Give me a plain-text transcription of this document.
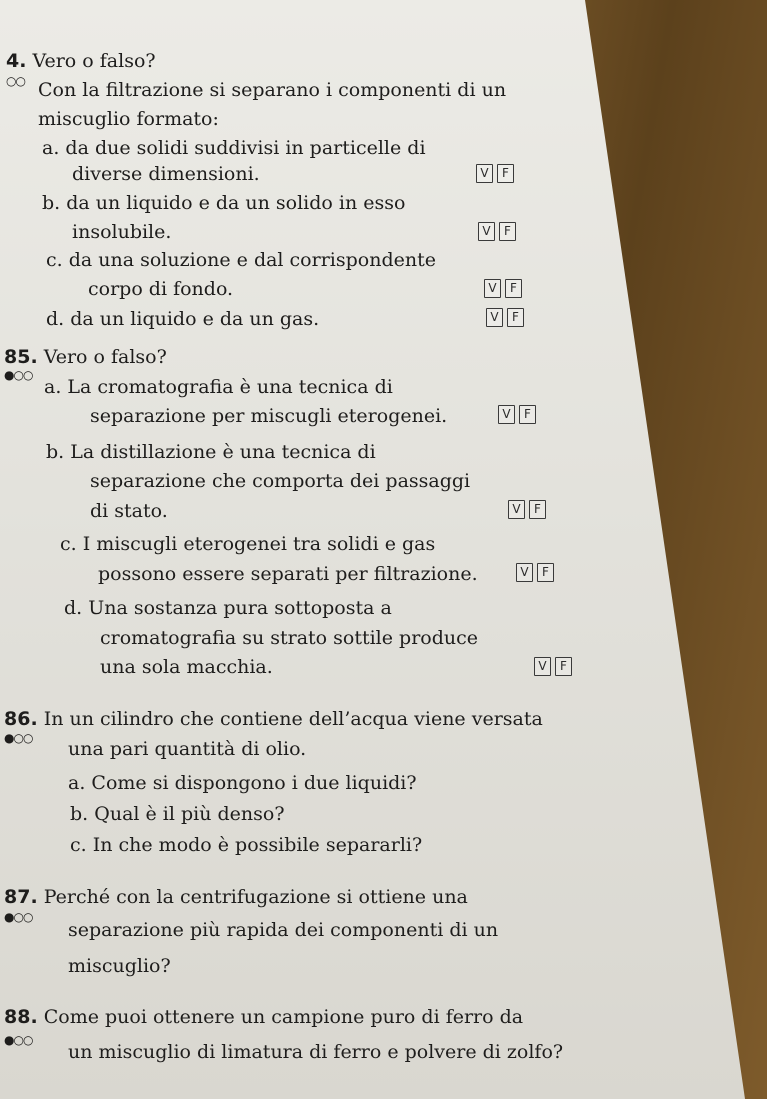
4. Vero o falso?
○○ Con la filtrazione si separano i componenti di un
miscuglio formato:
a. da due solidi suddivisi in particelle di
diverse dimensioni.	V	F
b. da un liquido e da un solido in esso
insolubile.	V	F
c. da una soluzione e dal corrispondente
corpo di fondo.	V	F
d. da un liquido e da un gas.	V	F
85. Vero o falso?
●○○
a. La cromatografia è una tecnica di
separazione per miscugli eterogenei.	V	F
b. La distillazione è una tecnica di
separazione che comporta dei passaggi
di stato.	V	F
c. I miscugli eterogenei tra solidi e gas
possono essere separati per filtrazione.	V	F
d. Una sostanza pura sottoposta a
cromatografia su strato sottile produce
una sola macchia.	V	F
86. In un cilindro che contiene dell’acqua viene versata
●○○ una pari quantità di olio.
a. Come si dispongono i due liquidi?
b. Qual è il più denso?
c. In che modo è possibile separarli?
87. Perché con la centrifugazione si ottiene una
●○○
separazione più rapida dei componenti di un
miscuglio?
88. Come puoi ottenere un campione puro di ferro da
●○○
un miscuglio di limatura di ferro e polvere di zolfo?
